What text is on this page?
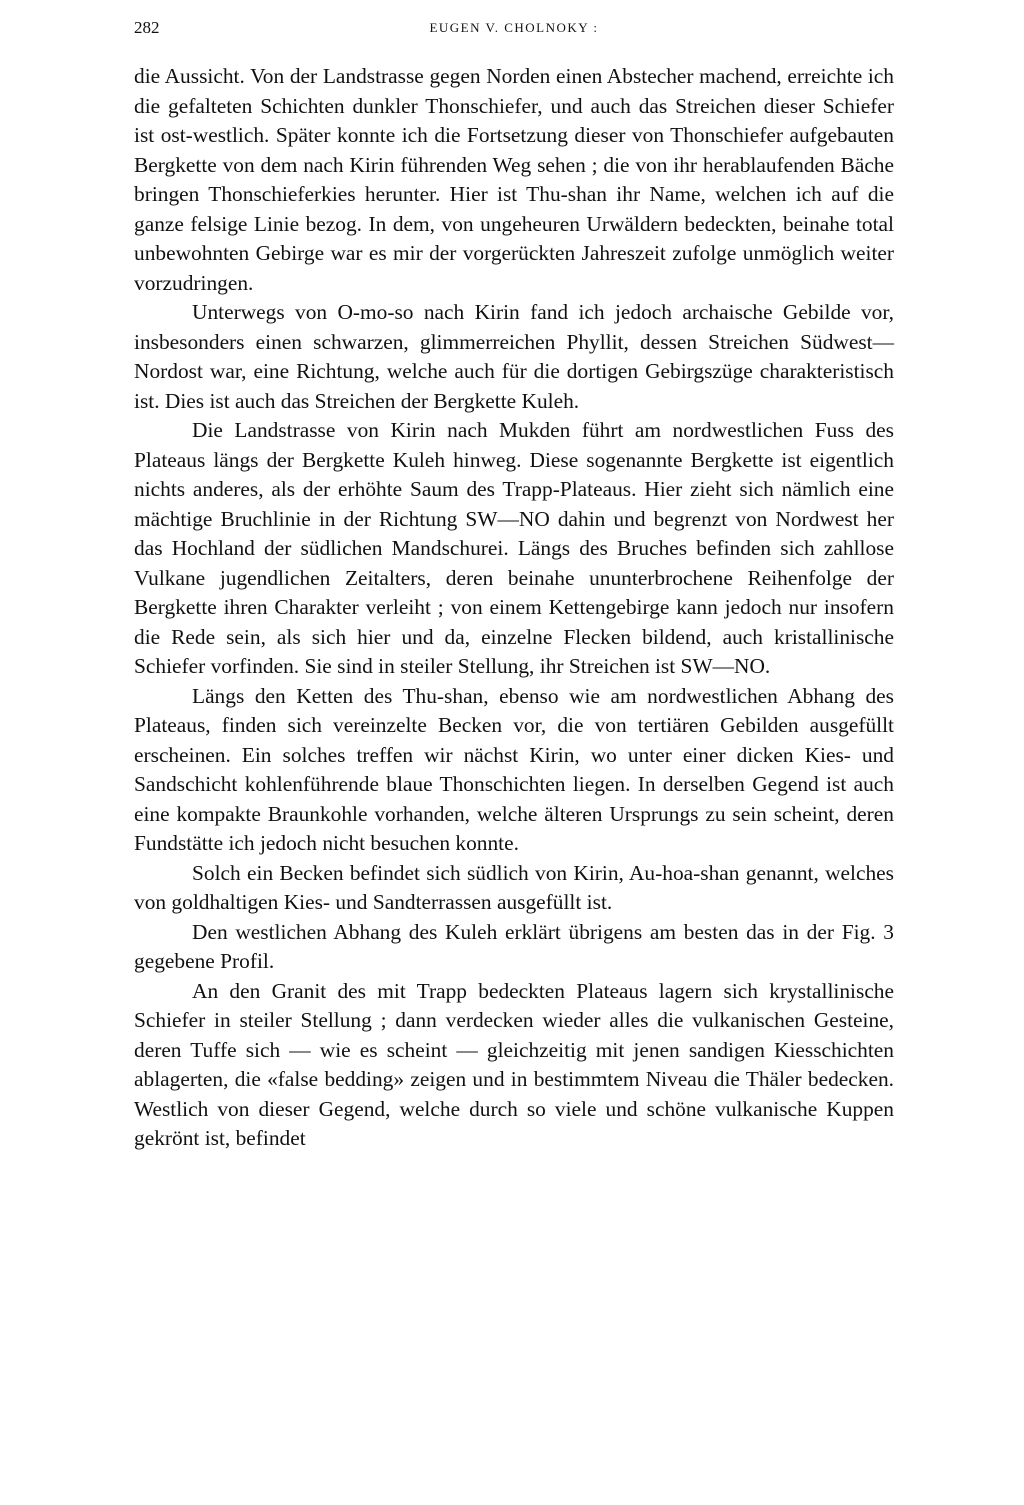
282	EUGEN V. CHOLNOKY :

die Aussicht. Von der Landstrasse gegen Norden einen Abstecher machend, erreichte ich die gefalteten Schichten dunkler Thonschiefer, und auch das Streichen dieser Schiefer ist ost-westlich. Später konnte ich die Fortsetzung dieser von Thonschiefer aufgebauten Bergkette von dem nach Kirin führenden Weg sehen ; die von ihr herablaufenden Bäche bringen Thonschieferkies herunter. Hier ist Thu-shan ihr Name, welchen ich auf die ganze felsige Linie bezog. In dem, von ungeheuren Urwäldern bedeckten, beinahe total unbewohnten Gebirge war es mir der vorgerückten Jahreszeit zufolge unmöglich weiter vorzudringen.

Unterwegs von O-mo-so nach Kirin fand ich jedoch archaische Gebilde vor, insbesonders einen schwarzen, glimmerreichen Phyllit, dessen Streichen Südwest—Nordost war, eine Richtung, welche auch für die dortigen Gebirgszüge charakteristisch ist. Dies ist auch das Streichen der Bergkette Kuleh.

Die Landstrasse von Kirin nach Mukden führt am nordwestlichen Fuss des Plateaus längs der Bergkette Kuleh hinweg. Diese sogenannte Bergkette ist eigentlich nichts anderes, als der erhöhte Saum des Trapp-Plateaus. Hier zieht sich nämlich eine mächtige Bruchlinie in der Richtung SW—NO dahin und begrenzt von Nordwest her das Hochland der südlichen Mandschurei. Längs des Bruches befinden sich zahllose Vulkane jugendlichen Zeitalters, deren beinahe ununterbrochene Reihenfolge der Bergkette ihren Charakter verleiht ; von einem Kettengebirge kann jedoch nur insofern die Rede sein, als sich hier und da, einzelne Flecken bildend, auch kristallinische Schiefer vorfinden. Sie sind in steiler Stellung, ihr Streichen ist SW—NO.

Längs den Ketten des Thu-shan, ebenso wie am nordwestlichen Abhang des Plateaus, finden sich vereinzelte Becken vor, die von tertiären Gebilden ausgefüllt erscheinen. Ein solches treffen wir nächst Kirin, wo unter einer dicken Kies- und Sandschicht kohlenführende blaue Thonschichten liegen. In derselben Gegend ist auch eine kompakte Braunkohle vorhanden, welche älteren Ursprungs zu sein scheint, deren Fundstätte ich jedoch nicht besuchen konnte.

Solch ein Becken befindet sich südlich von Kirin, Au-hoa-shan genannt, welches von goldhaltigen Kies- und Sandterrassen ausgefüllt ist.

Den westlichen Abhang des Kuleh erklärt übrigens am besten das in der Fig. 3 gegebene Profil.

An den Granit des mit Trapp bedeckten Plateaus lagern sich krystallinische Schiefer in steiler Stellung ; dann verdecken wieder alles die vulkanischen Gesteine, deren Tuffe sich — wie es scheint — gleichzeitig mit jenen sandigen Kiesschichten ablagerten, die «false bedding» zeigen und in bestimmtem Niveau die Thäler bedecken. Westlich von dieser Gegend, welche durch so viele und schöne vulkanische Kuppen gekrönt ist, befindet
